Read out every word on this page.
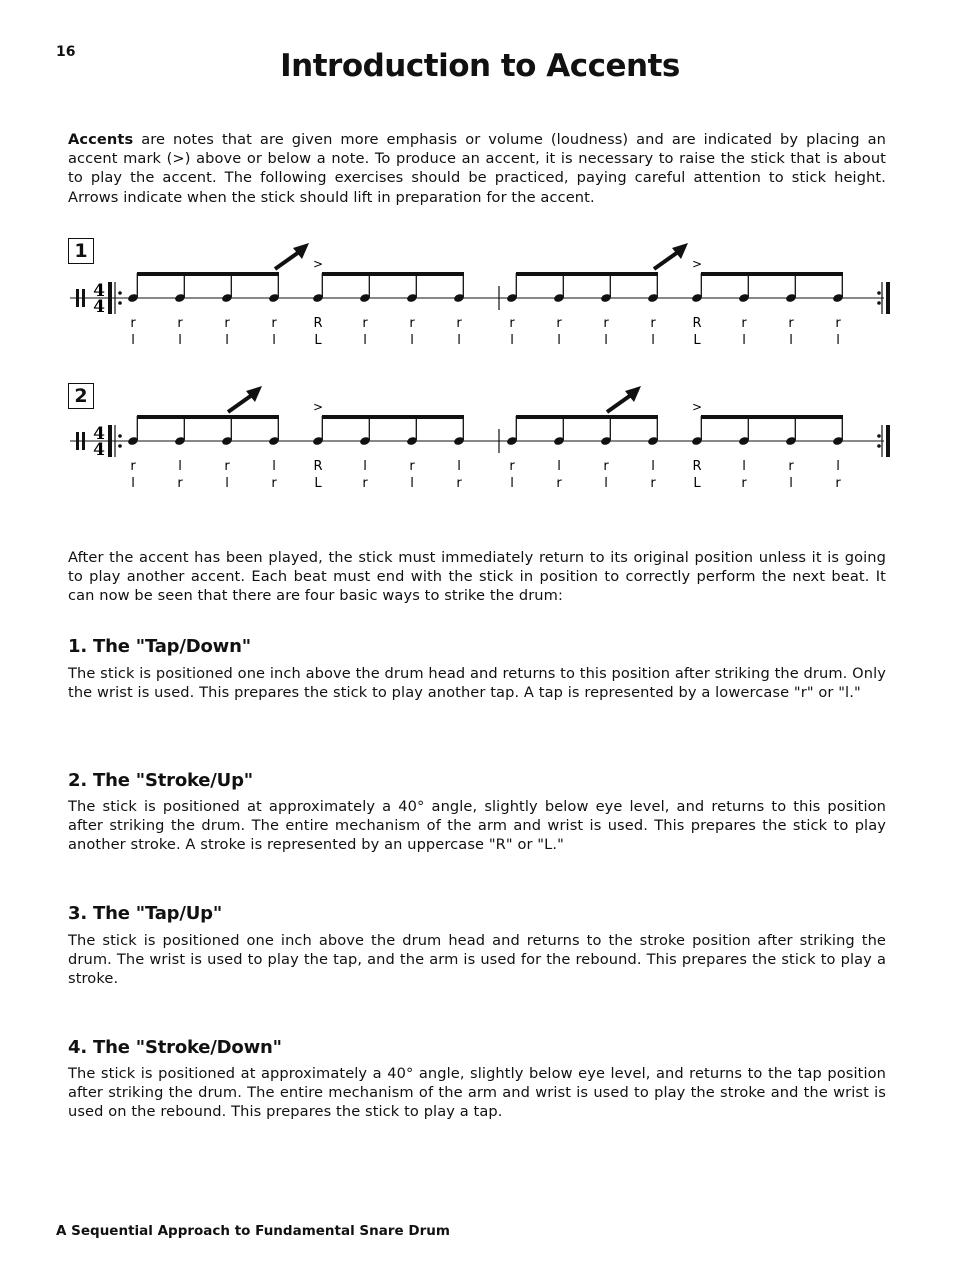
16	Introduction to Accents

Accents are notes that are given more emphasis or volume (loudness) and are indicated by placing an accent mark (>) above or below a note. To produce an accent, it is necessary to raise the stick that is about to play the accent. The following exercises should be practiced, paying careful attention to stick height. Arrows indicate when the stick should lift in preparation for the accent.

1
4
4
r
l
r
l
r
l
r
l
R
L
r
l
r
l
r
l
r
l
r
l
r
l
r
l
R
L
r
l
r
l
r
l
>	>
2
4
4
r
l
l
r
r
l
l
r
R
L
l
r
r
l
l
r
r
l
l
r
r
l
l
r
R
L
l
r
r
l
l
r
>	>

After the accent has been played, the stick must immediately return to its original position unless it is going to play another accent. Each beat must end with the stick in position to correctly perform the next beat. It can now be seen that there are four basic ways to strike the drum:

1. The "Tap/Down"

The stick is positioned one inch above the drum head and returns to this position after striking the drum. Only the wrist is used. This prepares the stick to play another tap. A tap is represented by a lowercase "r" or "l."

2. The "Stroke/Up"

The stick is positioned at approximately a 40° angle, slightly below eye level, and returns to this position after striking the drum. The entire mechanism of the arm and wrist is used. This prepares the stick to play another stroke. A stroke is represented by an uppercase "R" or "L."

3. The "Tap/Up"

The stick is positioned one inch above the drum head and returns to the stroke position after striking the drum. The wrist is used to play the tap, and the arm is used for the rebound. This prepares the stick to play a stroke.

4. The "Stroke/Down"

The stick is positioned at approximately a 40° angle, slightly below eye level, and returns to the tap position after striking the drum. The entire mechanism of the arm and wrist is used to play the stroke and the wrist is used on the rebound. This prepares the stick to play a tap.

A Sequential Approach to Fundamental Snare Drum
